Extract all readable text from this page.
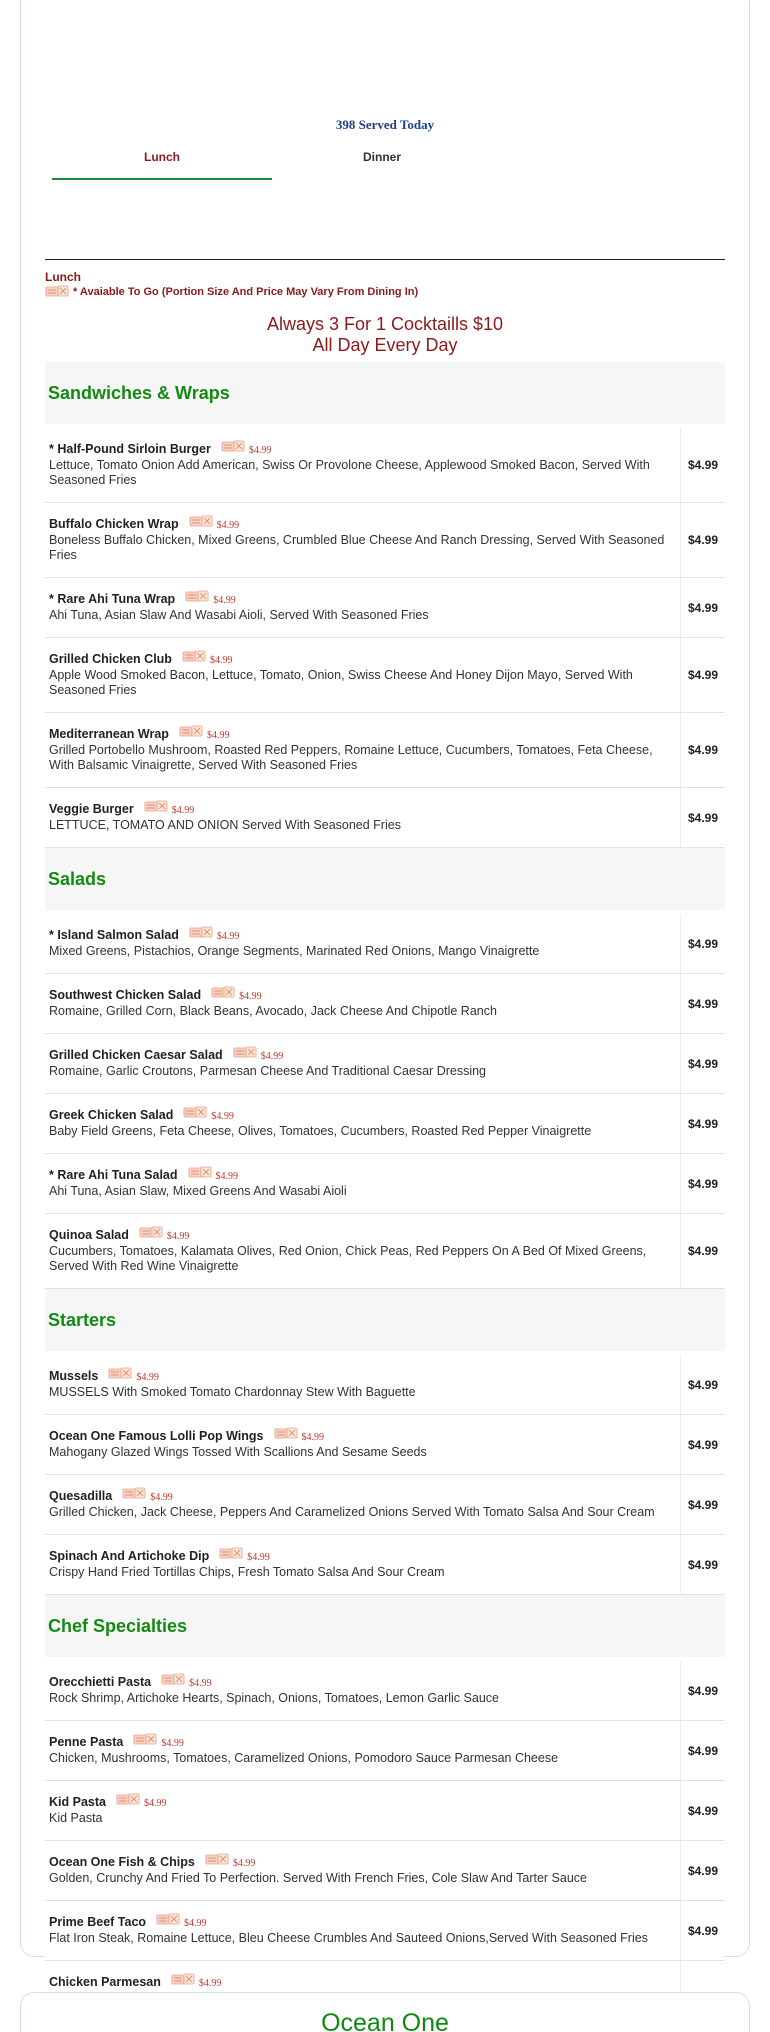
398 Served Today
Lunch	Dinner
Lunch
* Avaiable To Go (Portion Size And Price May Vary From Dining In)
Always 3 For 1 Cocktaills $10
All Day Every Day
Sandwiches & Wraps
* Half-Pound Sirloin Burger	$4.99
Lettuce, Tomato Onion Add American, Swiss Or Provolone Cheese, Applewood Smoked Bacon, Served With Seasoned Fries
$4.99
Buffalo Chicken Wrap	$4.99
Boneless Buffalo Chicken, Mixed Greens, Crumbled Blue Cheese And Ranch Dressing, Served With Seasoned Fries
$4.99
* Rare Ahi Tuna Wrap	$4.99
Ahi Tuna, Asian Slaw And Wasabi Aioli, Served With Seasoned Fries
$4.99
Grilled Chicken Club	$4.99
Apple Wood Smoked Bacon, Lettuce, Tomato, Onion, Swiss Cheese And Honey Dijon Mayo, Served With Seasoned Fries
$4.99
Mediterranean Wrap	$4.99
Grilled Portobello Mushroom, Roasted Red Peppers, Romaine Lettuce, Cucumbers, Tomatoes, Feta Cheese, With Balsamic Vinaigrette, Served With Seasoned Fries
$4.99
Veggie Burger	$4.99
LETTUCE, TOMATO AND ONION Served With Seasoned Fries
$4.99
Salads
* Island Salmon Salad	$4.99
Mixed Greens, Pistachios, Orange Segments, Marinated Red Onions, Mango Vinaigrette
$4.99
Southwest Chicken Salad	$4.99
Romaine, Grilled Corn, Black Beans, Avocado, Jack Cheese And Chipotle Ranch
$4.99
Grilled Chicken Caesar Salad	$4.99
Romaine, Garlic Croutons, Parmesan Cheese And Traditional Caesar Dressing
$4.99
Greek Chicken Salad	$4.99
Baby Field Greens, Feta Cheese, Olives, Tomatoes, Cucumbers, Roasted Red Pepper Vinaigrette
$4.99
* Rare Ahi Tuna Salad	$4.99
Ahi Tuna, Asian Slaw, Mixed Greens And Wasabi Aioli
$4.99
Quinoa Salad	$4.99
Cucumbers, Tomatoes, Kalamata Olives, Red Onion, Chick Peas, Red Peppers On A Bed Of Mixed Greens, Served With Red Wine Vinaigrette
$4.99
Starters
Mussels	$4.99
MUSSELS With Smoked Tomato Chardonnay Stew With Baguette
$4.99
Ocean One Famous Lolli Pop Wings	$4.99
Mahogany Glazed Wings Tossed With Scallions And Sesame Seeds
$4.99
Quesadilla	$4.99
Grilled Chicken, Jack Cheese, Peppers And Caramelized Onions Served With Tomato Salsa And Sour Cream
$4.99
Spinach And Artichoke Dip	$4.99
Crispy Hand Fried Tortillas Chips, Fresh Tomato Salsa And Sour Cream
$4.99
Chef Specialties
Orecchietti Pasta	$4.99
Rock Shrimp, Artichoke Hearts, Spinach, Onions, Tomatoes, Lemon Garlic Sauce
$4.99
Penne Pasta	$4.99
Chicken, Mushrooms, Tomatoes, Caramelized Onions, Pomodoro Sauce Parmesan Cheese
$4.99
Kid Pasta	$4.99
Kid Pasta
$4.99
Ocean One Fish & Chips	$4.99
Golden, Crunchy And Fried To Perfection. Served With French Fries, Cole Slaw And Tarter Sauce
$4.99
Prime Beef Taco	$4.99
Flat Iron Steak, Romaine Lettuce, Bleu Cheese Crumbles And Sauteed Onions,Served With Seasoned Fries
$4.99
Chicken Parmesan	$4.99
Ocean One
